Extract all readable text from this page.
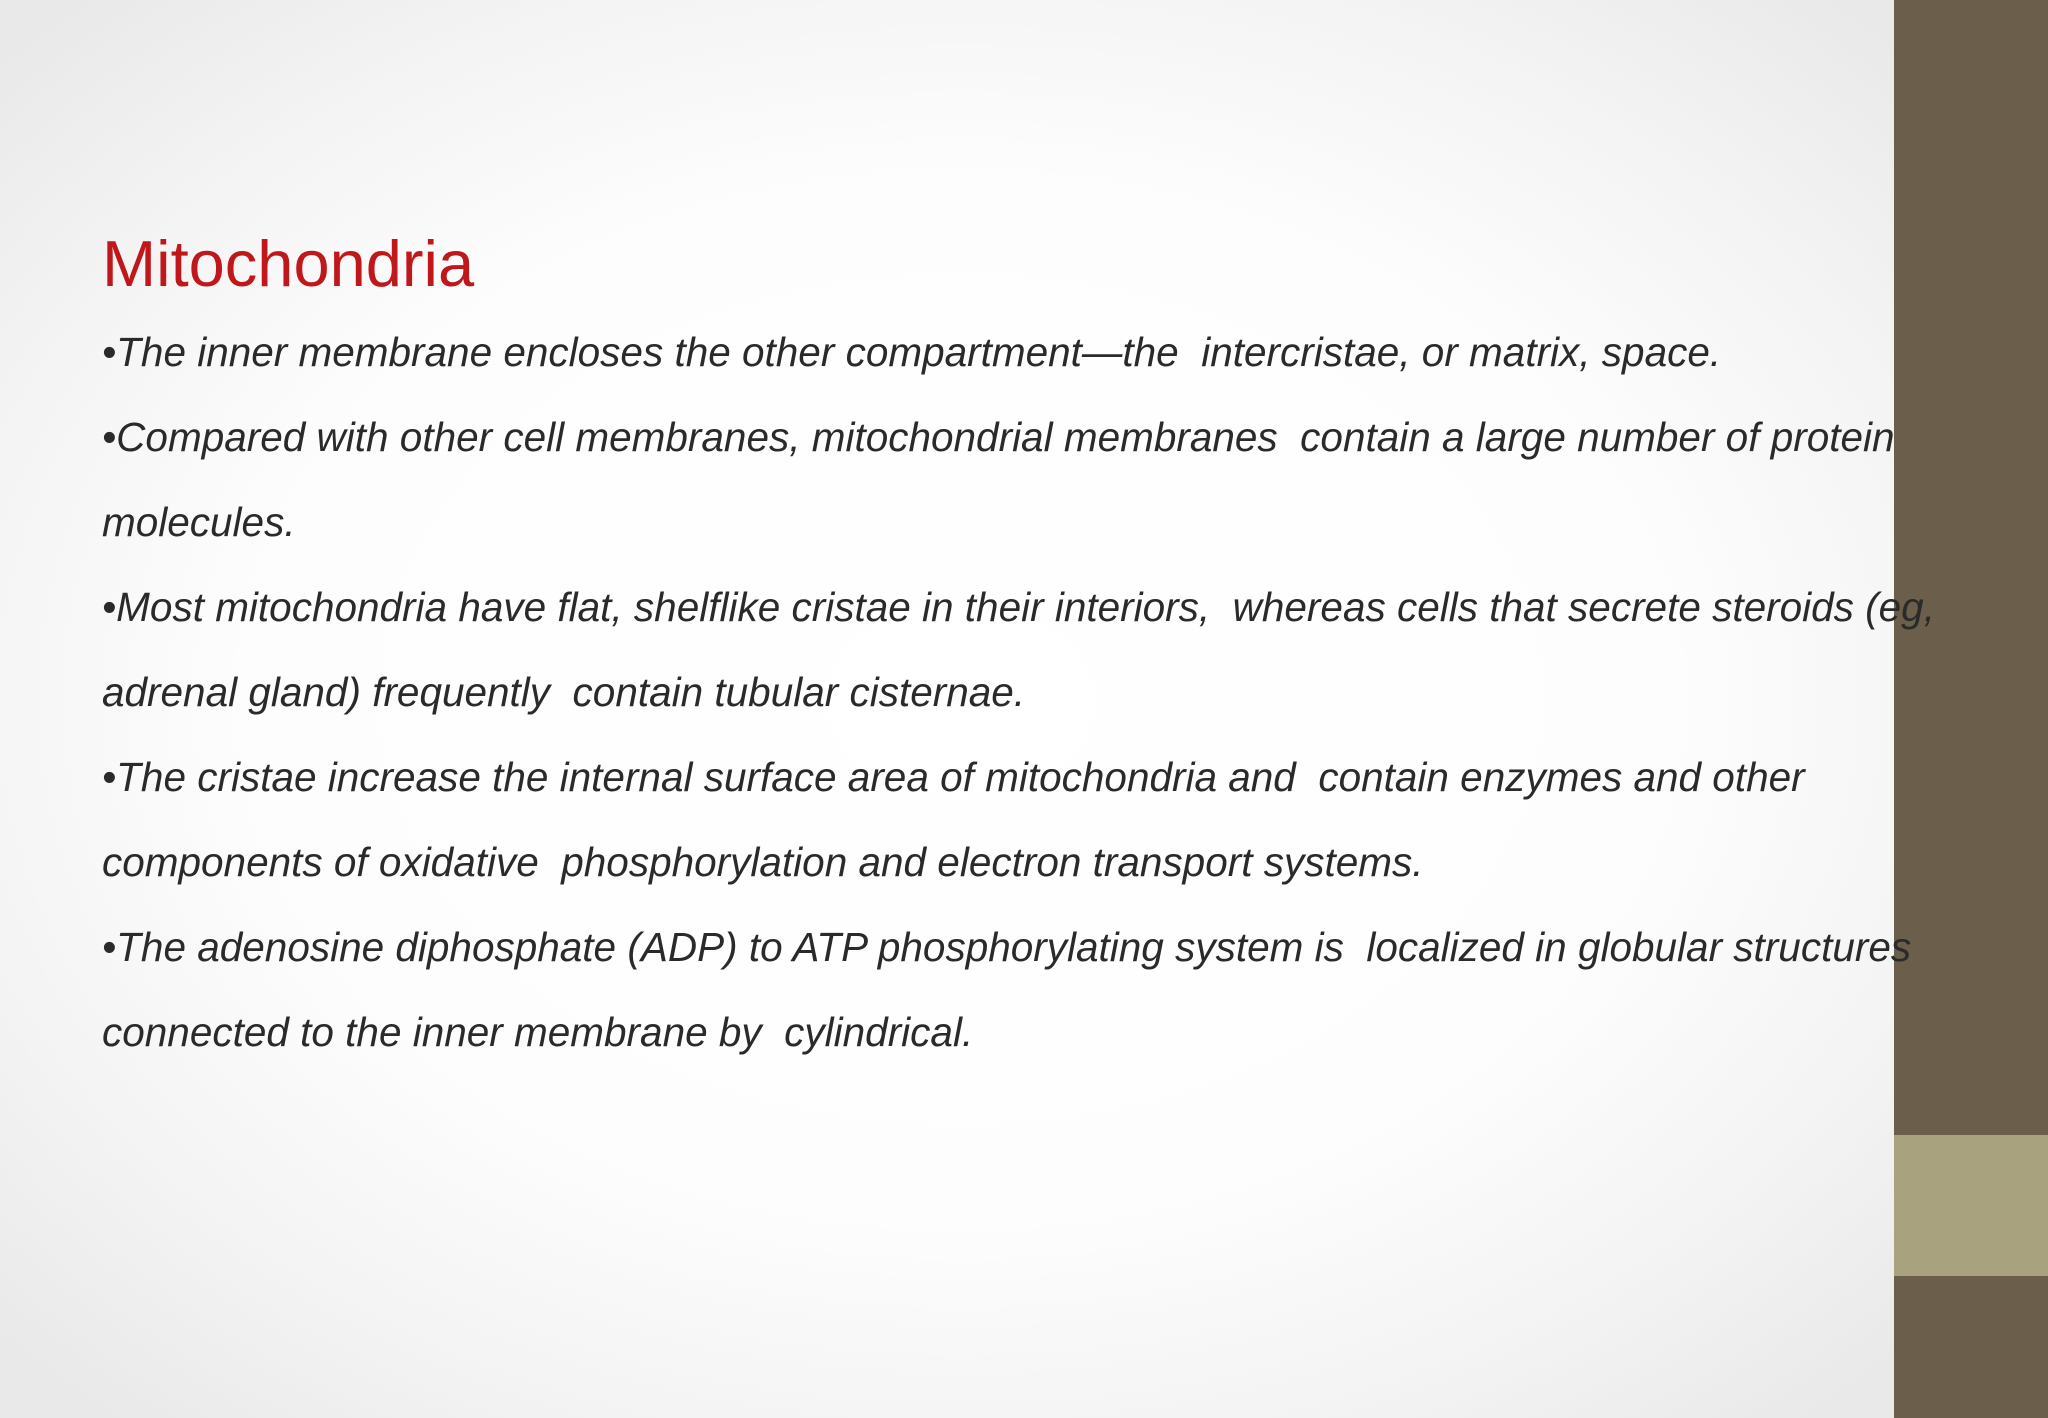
Mitochondria
•The inner membrane encloses the other compartment—the  intercristae, or matrix, space.
•Compared with other cell membranes, mitochondrial membranes  contain a large number of protein molecules.
•Most mitochondria have flat, shelflike cristae in their interiors,  whereas cells that secrete steroids (eg, adrenal gland) frequently  contain tubular cisternae.
•The cristae increase the internal surface area of mitochondria and  contain enzymes and other components of oxidative  phosphorylation and electron transport systems.
•The adenosine diphosphate (ADP) to ATP phosphorylating system is  localized in globular structures connected to the inner membrane by  cylindrical.
